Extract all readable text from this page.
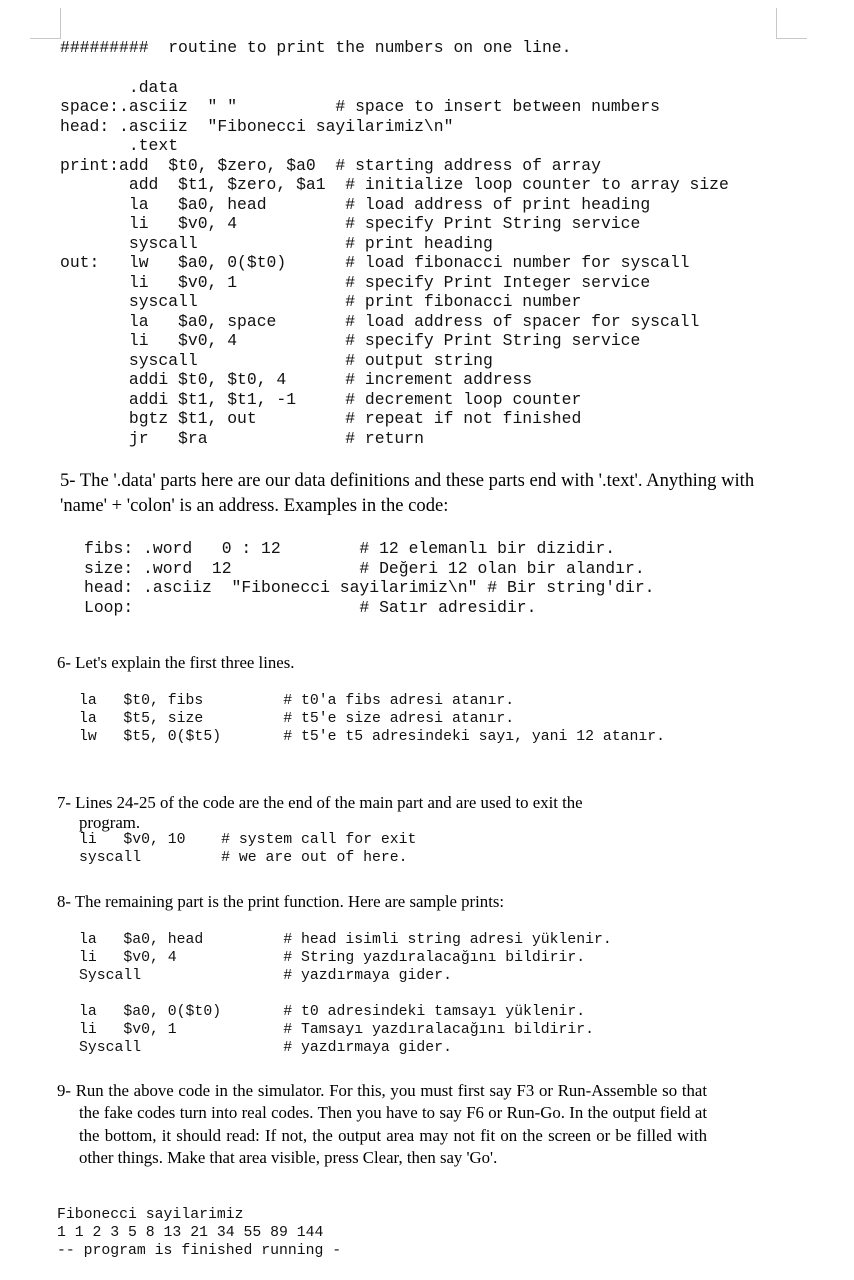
#########  routine to print the numbers on one line.

.data
space:.asciiz  " "          # space to insert between numbers
head: .asciiz  "Fibonecci sayilarimiz\n"
.text
print:add  $t0, $zero, $a0  # starting address of array
add  $t1, $zero, $a1  # initialize loop counter to array size
la   $a0, head        # load address of print heading
li   $v0, 4           # specify Print String service
syscall               # print heading
out:   lw   $a0, 0($t0)      # load fibonacci number for syscall
li   $v0, 1           # specify Print Integer service
syscall               # print fibonacci number
la   $a0, space       # load address of spacer for syscall
li   $v0, 4           # specify Print String service
syscall               # output string
addi $t0, $t0, 4      # increment address
addi $t1, $t1, -1     # decrement loop counter
bgtz $t1, out         # repeat if not finished
jr   $ra              # return

5- The '.data' parts here are our data definitions and these parts end with '.text'. Anything with 'name' + 'colon' is an address. Examples in the code:

fibs: .word   0 : 12        # 12 elemanlı bir dizidir.
size: .word  12             # Değeri 12 olan bir alandır.
head: .asciiz  "Fibonecci sayilarimiz\n" # Bir string'dir.
Loop:                       # Satır adresidir.

6- Let's explain the first three lines.

la   $t0, fibs         # t0'a fibs adresi atanır.
la   $t5, size         # t5'e size adresi atanır.
lw   $t5, 0($t5)       # t5'e t5 adresindeki sayı, yani 12 atanır.

7- Lines 24-25 of the code are the end of the main part and are used to exit the
program.

li   $v0, 10    # system call for exit
syscall         # we are out of here.

8- The remaining part is the print function. Here are sample prints:

la   $a0, head         # head isimli string adresi yüklenir.
li   $v0, 4            # String yazdıralacağını bildirir.
Syscall                # yazdırmaya gider.
la   $a0, 0($t0)       # t0 adresindeki tamsayı yüklenir.
li   $v0, 1            # Tamsayı yazdıralacağını bildirir.
Syscall                # yazdırmaya gider.

9- Run the above code in the simulator. For this, you must first say F3 or Run-Assemble so that the fake codes turn into real codes. Then you have to say F6 or Run-Go. In the output field at the bottom, it should read: If not, the output area may not fit on the screen or be filled with other things. Make that area visible, press Clear, then say 'Go'.

Fibonecci sayilarimiz
1 1 2 3 5 8 13 21 34 55 89 144
-- program is finished running -
